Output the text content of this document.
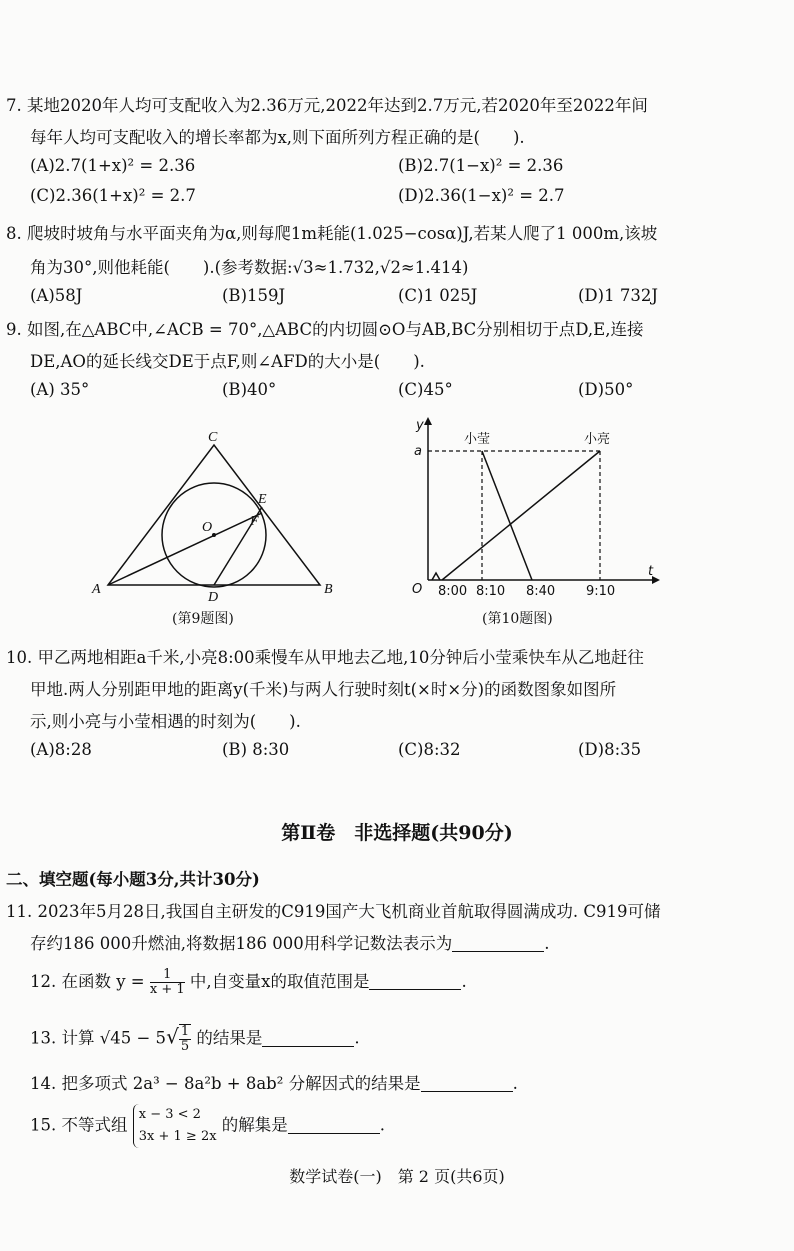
7. 某地2020年人均可支配收入为2.36万元,2022年达到2.7万元,若2020年至2022年间
每年人均可支配收入的增长率都为x,则下面所列方程正确的是(　　).
(A)2.7(1+x)² = 2.36	(B)2.7(1−x)² = 2.36
(C)2.36(1+x)² = 2.7	(D)2.36(1−x)² = 2.7
8. 爬坡时坡角与水平面夹角为α,则每爬1m耗能(1.025−cosα)J,若某人爬了1 000m,该坡
角为30°,则他耗能(　　).(参考数据:√3≈1.732,√2≈1.414)
(A)58J	(B)159J	(C)1 025J	(D)1 732J
9. 如图,在△ABC中,∠ACB = 70°,△ABC的内切圆⊙O与AB,BC分别相切于点D,E,连接
DE,AO的延长线交DE于点F,则∠AFD的大小是(　　).
(A) 35°	(B)40°	(C)45°	(D)50°
A	B
C
D
E
F
O
(第9题图)
y
t
O
a
小莹	小亮
8:00 8:10 8:40 9:10
(第10题图)
10. 甲乙两地相距a千米,小亮8:00乘慢车从甲地去乙地,10分钟后小莹乘快车从乙地赶往
甲地.两人分别距甲地的距离y(千米)与两人行驶时刻t(×时×分)的函数图象如图所
示,则小亮与小莹相遇的时刻为(　　).
(A)8:28	(B) 8:30	(C)8:32	(D)8:35
第Ⅱ卷　非选择题(共90分)
二、填空题(每小题3分,共计30分)
11. 2023年5月28日,我国自主研发的C919国产大飞机商业首航取得圆满成功. C919可储
存约186 000升燃油,将数据186 000用科学记数法表示为	.
12. 在函数 $y = \frac{1}{x + 1}$ 中,自变量x的取值范围是	.
13. 计算 $√45 - 5√ \frac{1}{5}$ 的结果是	.
14. 把多项式 2a³ − 8a²b + 8ab² 分解因式的结果是	.
15. 不等式组 x − 3 < 2
3x + 1 ≥ 2x 的解集是	.
数学试卷(一)　第 2 页(共6页)
